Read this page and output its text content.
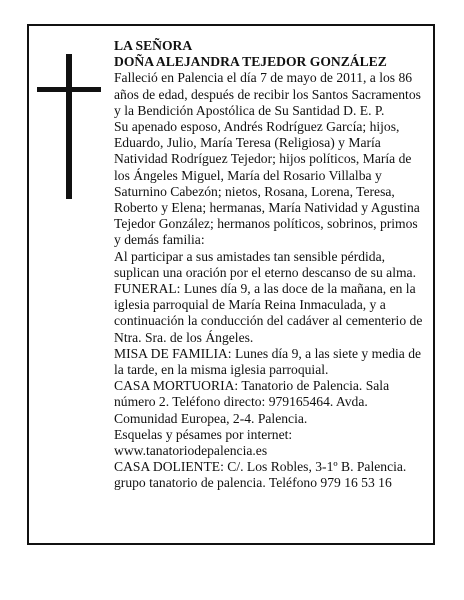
LA SEÑORA

DOÑA ALEJANDRA TEJEDOR GONZÁLEZ

Falleció en Palencia el día 7 de mayo de 2011, a los 86 años de edad, después de recibir los Santos Sacramentos y la Bendición Apostólica de Su Santidad D. E. P.

Su apenado esposo, Andrés Rodríguez García; hijos, Eduardo, Julio, María Teresa (Religiosa) y María Natividad Rodríguez Tejedor; hijos políticos, María de los Ángeles Miguel, María del Rosario Villalba y Saturnino Cabezón; nietos, Rosana, Lorena, Teresa, Roberto y Elena; hermanas, María Natividad y Agustina Tejedor González; hermanos políticos, sobrinos, primos y demás familia:

Al participar a sus amistades tan sensible pérdida, suplican una oración por el eterno descanso de su alma.

FUNERAL: Lunes día 9, a las doce de la mañana, en la iglesia parroquial de María Reina Inmaculada, y a continuación la conducción del cadáver al cementerio de Ntra. Sra. de los Ángeles.

MISA DE FAMILIA: Lunes día 9, a las siete y media de la tarde, en la misma iglesia parroquial.

CASA MORTUORIA: Tanatorio de Palencia. Sala número 2. Teléfono directo: 979165464. Avda. Comunidad Europea, 2-4. Palencia.

Esquelas y pésames por internet: www.tanatoriodepalencia.es

CASA DOLIENTE: C/. Los Robles, 3-1º B. Palencia. grupo tanatorio de palencia. Teléfono 979 16 53 16
